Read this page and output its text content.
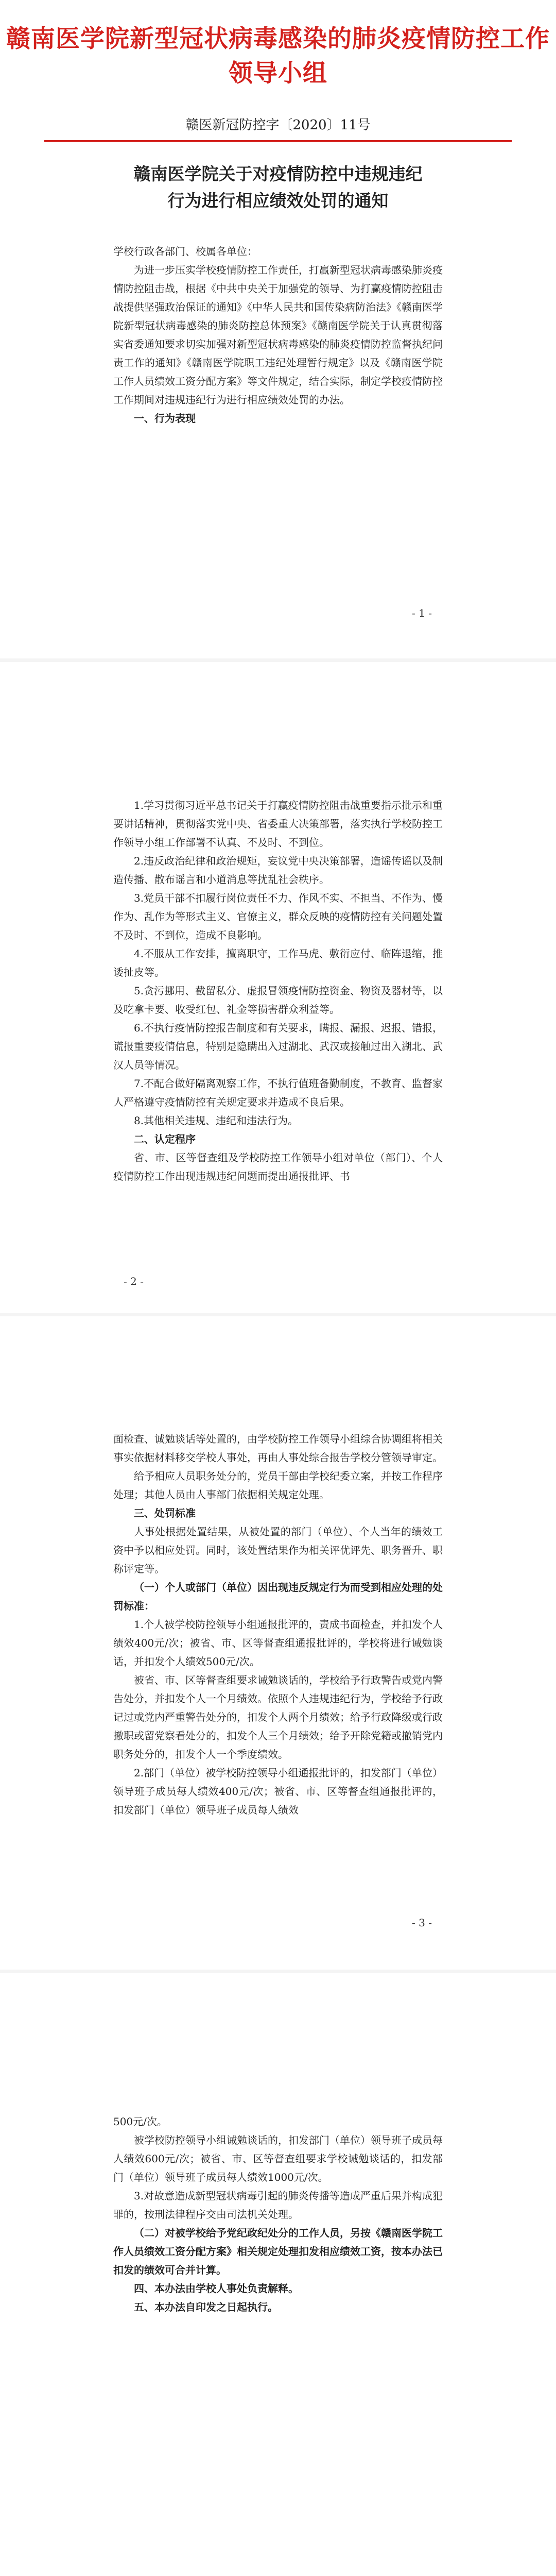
赣南医学院新型冠状病毒感染的肺炎疫情防控工作领导小组
赣医新冠防控字〔2020〕11号
赣南医学院关于对疫情防控中违规违纪
行为进行相应绩效处罚的通知

学校行政各部门、校属各单位：

为进一步压实学校疫情防控工作责任，打赢新型冠状病毒感染肺炎疫情防控阻击战，根据《中共中央关于加强党的领导、为打赢疫情防控阻击战提供坚强政治保证的通知》《中华人民共和国传染病防治法》《赣南医学院新型冠状病毒感染的肺炎防控总体预案》《赣南医学院关于认真贯彻落实省委通知要求切实加强对新型冠状病毒感染的肺炎疫情防控监督执纪问责工作的通知》《赣南医学院职工违纪处理暂行规定》以及《赣南医学院工作人员绩效工资分配方案》等文件规定，结合实际，制定学校疫情防控工作期间对违规违纪行为进行相应绩效处罚的办法。

一、行为表现

- 1 -

1.学习贯彻习近平总书记关于打赢疫情防控阻击战重要指示批示和重要讲话精神，贯彻落实党中央、省委重大决策部署，落实执行学校防控工作领导小组工作部署不认真、不及时、不到位。

2.违反政治纪律和政治规矩，妄议党中央决策部署，造谣传谣以及制造传播、散布谣言和小道消息等扰乱社会秩序。

3.党员干部不扣履行岗位责任不力、作风不实、不担当、不作为、慢作为、乱作为等形式主义、官僚主义，群众反映的疫情防控有关问题处置不及时、不到位，造成不良影响。

4.不服从工作安排，擅离职守，工作马虎、敷衍应付、临阵退缩，推诿扯皮等。

5.贪污挪用、截留私分、虚报冒领疫情防控资金、物资及器材等，以及吃拿卡要、收受红包、礼金等损害群众利益等。

6.不执行疫情防控报告制度和有关要求，瞒报、漏报、迟报、错报，谎报重要疫情信息，特别是隐瞒出入过湖北、武汉或接触过出入湖北、武汉人员等情况。

7.不配合做好隔离观察工作，不执行值班备勤制度，不教育、监督家人严格遵守疫情防控有关规定要求并造成不良后果。

8.其他相关违规、违纪和违法行为。

二、认定程序

省、市、区等督查组及学校防控工作领导小组对单位（部门）、个人疫情防控工作出现违规违纪问题而提出通报批评、书

- 2 -

面检查、诚勉谈话等处置的，由学校防控工作领导小组综合协调组将相关事实依据材料移交学校人事处，再由人事处综合报告学校分管领导审定。

给予相应人员职务处分的，党员干部由学校纪委立案，并按工作程序处理；其他人员由人事部门依据相关规定处理。

三、处罚标准

人事处根据处置结果，从被处置的部门（单位）、个人当年的绩效工资中予以相应处罚。同时，该处置结果作为相关评优评先、职务晋升、职称评定等。

（一）个人或部门（单位）因出现违反规定行为而受到相应处理的处罚标准：

1.个人被学校防控领导小组通报批评的，责成书面检查，并扣发个人绩效400元/次；被省、市、区等督查组通报批评的，学校将进行诫勉谈话，并扣发个人绩效500元/次。

被省、市、区等督查组要求诫勉谈话的，学校给予行政警告或党内警告处分，并扣发个人一个月绩效。依照个人违规违纪行为，学校给予行政记过或党内严重警告处分的，扣发个人两个月绩效；给予行政降级或行政撤职或留党察看处分的，扣发个人三个月绩效；给予开除党籍或撤销党内职务处分的，扣发个人一个季度绩效。

2.部门（单位）被学校防控领导小组通报批评的，扣发部门（单位）领导班子成员每人绩效400元/次；被省、市、区等督查组通报批评的，扣发部门（单位）领导班子成员每人绩效

- 3 -

500元/次。

被学校防控领导小组诫勉谈话的，扣发部门（单位）领导班子成员每人绩效600元/次；被省、市、区等督查组要求学校诫勉谈话的，扣发部门（单位）领导班子成员每人绩效1000元/次。

3.对故意造成新型冠状病毒引起的肺炎传播等造成严重后果并构成犯罪的，按刑法律程序交由司法机关处理。

（二）对被学校给予党纪政纪处分的工作人员，另按《赣南医学院工作人员绩效工资分配方案》相关规定处理扣发相应绩效工资，按本办法已扣发的绩效可合并计算。

四、本办法由学校人事处负责解释。

五、本办法自印发之日起执行。
